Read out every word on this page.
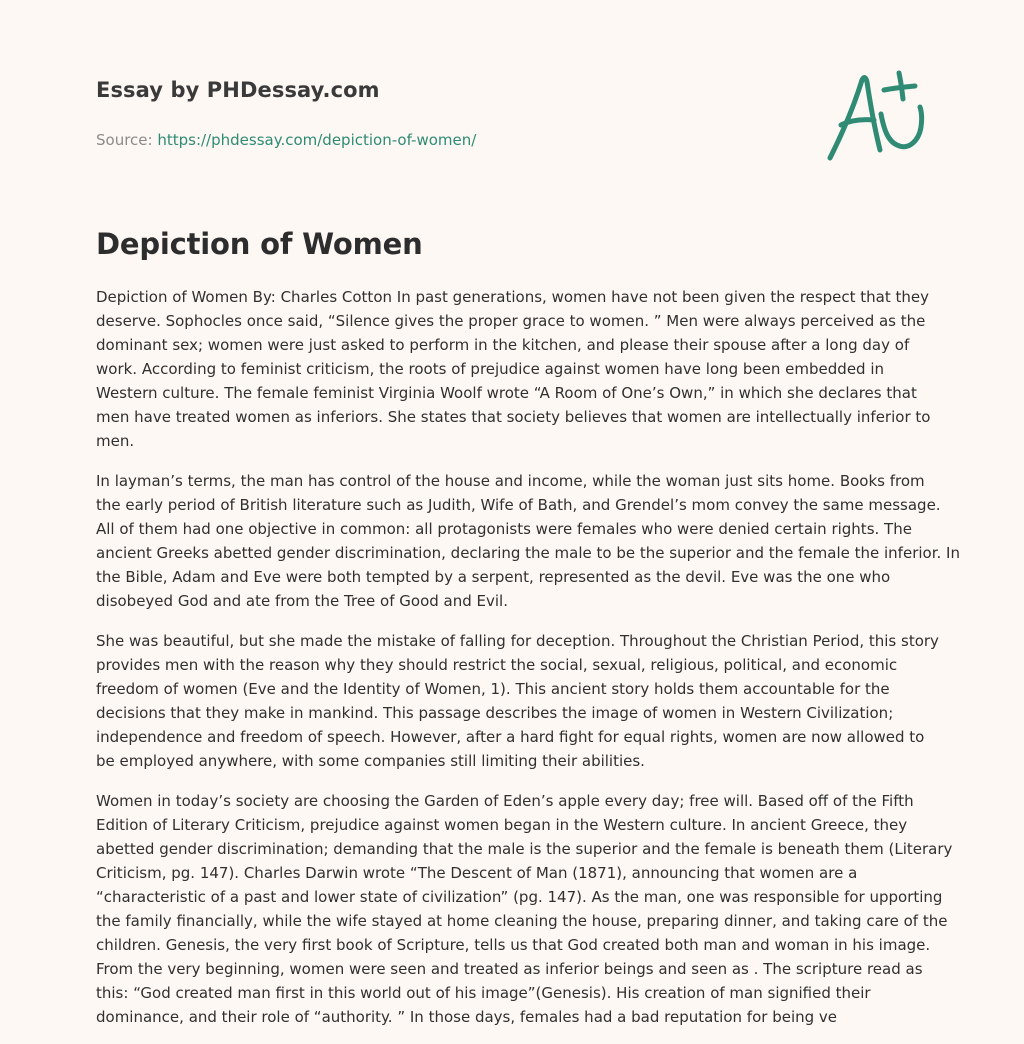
Essay by PHDessay.com
Source: https://phdessay.com/depiction-of-women/
Depiction of Women

Depiction of Women By: Charles Cotton In past generations, women have not been given the respect that they
deserve. Sophocles once said, “Silence gives the proper grace to women. ” Men were always perceived as the
dominant sex; women were just asked to perform in the kitchen, and please their spouse after a long day of
work. According to feminist criticism, the roots of prejudice against women have long been embedded in
Western culture. The female feminist Virginia Woolf wrote “A Room of One’s Own,” in which she declares that
men have treated women as inferiors. She states that society believes that women are intellectually inferior to
men.

In layman’s terms, the man has control of the house and income, while the woman just sits home. Books from
the early period of British literature such as Judith, Wife of Bath, and Grendel’s mom convey the same message.
All of them had one objective in common: all protagonists were females who were denied certain rights. The
ancient Greeks abetted gender discrimination, declaring the male to be the superior and the female the inferior. In
the Bible, Adam and Eve were both tempted by a serpent, represented as the devil. Eve was the one who
disobeyed God and ate from the Tree of Good and Evil.

She was beautiful, but she made the mistake of falling for deception. Throughout the Christian Period, this story
provides men with the reason why they should restrict the social, sexual, religious, political, and economic
freedom of women (Eve and the Identity of Women, 1). This ancient story holds them accountable for the
decisions that they make in mankind. This passage describes the image of women in Western Civilization;
independence and freedom of speech. However, after a hard fight for equal rights, women are now allowed to
be employed anywhere, with some companies still limiting their abilities.

Women in today’s society are choosing the Garden of Eden’s apple every day; free will. Based off of the Fifth
Edition of Literary Criticism, prejudice against women began in the Western culture. In ancient Greece, they
abetted gender discrimination; demanding that the male is the superior and the female is beneath them (Literary
Criticism, pg. 147). Charles Darwin wrote “The Descent of Man (1871), announcing that women are a
“characteristic of a past and lower state of civilization” (pg. 147). As the man, one was responsible for upporting
the family financially, while the wife stayed at home cleaning the house, preparing dinner, and taking care of the
children. Genesis, the very first book of Scripture, tells us that God created both man and woman in his image.
From the very beginning, women were seen and treated as inferior beings and seen as . The scripture read as
this: “God created man first in this world out of his image”(Genesis). His creation of man signified their
dominance, and their role of “authority. ” In those days, females had a bad reputation for being ve
